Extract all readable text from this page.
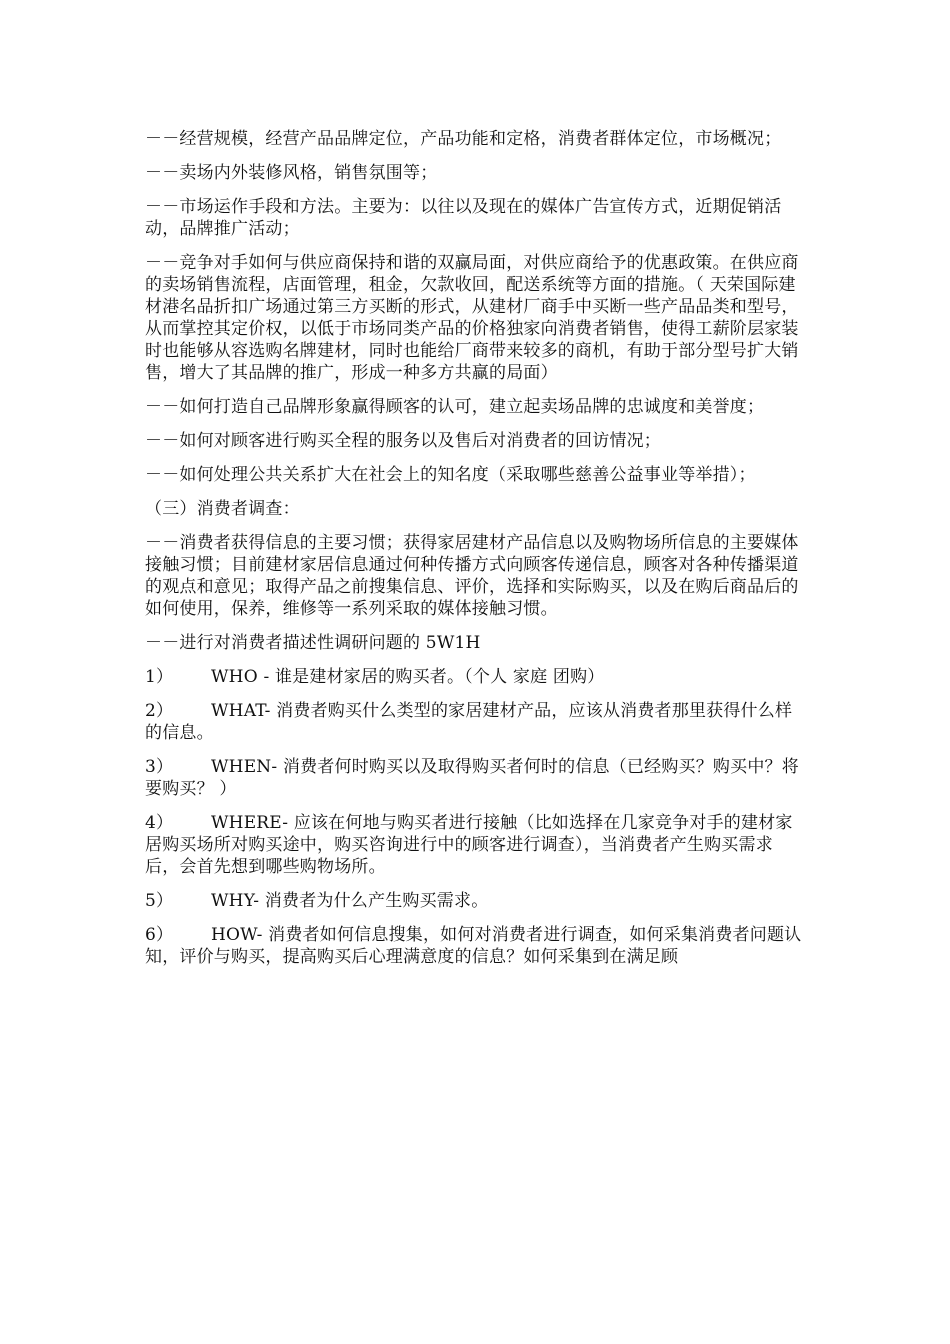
－－经营规模，经营产品品牌定位，产品功能和定格，消费者群体定位，市场概况；

－－卖场内外装修风格，销售氛围等；

－－市场运作手段和方法。主要为：以往以及现在的媒体广告宣传方式，近期促销活动，品牌推广活动；

－－竞争对手如何与供应商保持和谐的双赢局面，对供应商给予的优惠政策。在供应商的卖场销售流程，店面管理，租金，欠款收回，配送系统等方面的措施。（ 天荣国际建材港名品折扣广场通过第三方买断的形式，从建材厂商手中买断一些产品品类和型号，从而掌控其定价权，以低于市场同类产品的价格独家向消费者销售，使得工薪阶层家装时也能够从容选购名牌建材，同时也能给厂商带来较多的商机，有助于部分型号扩大销售，增大了其品牌的推广，形成一种多方共赢的局面）

－－如何打造自己品牌形象赢得顾客的认可，建立起卖场品牌的忠诚度和美誉度；

－－如何对顾客进行购买全程的服务以及售后对消费者的回访情况；

－－如何处理公共关系扩大在社会上的知名度（采取哪些慈善公益事业等举措）；

（三）消费者调查：

－－消费者获得信息的主要习惯；获得家居建材产品信息以及购物场所信息的主要媒体接触习惯；目前建材家居信息通过何种传播方式向顾客传递信息，顾客对各种传播渠道的观点和意见；取得产品之前搜集信息、评价，选择和实际购买，以及在购后商品后的如何使用，保养，维修等一系列采取的媒体接触习惯。

－－进行对消费者描述性调研问题的 5W1H

1） WHO - 谁是建材家居的购买者。（个人 家庭 团购）

2） WHAT- 消费者购买什么类型的家居建材产品，应该从消费者那里获得什么样的信息。

3） WHEN- 消费者何时购买以及取得购买者何时的信息（已经购买？购买中？将要购买？ ）

4） WHERE- 应该在何地与购买者进行接触（比如选择在几家竞争对手的建材家居购买场所对购买途中，购买咨询进行中的顾客进行调查），当消费者产生购买需求后，会首先想到哪些购物场所。

5） WHY- 消费者为什么产生购买需求。

6） HOW- 消费者如何信息搜集，如何对消费者进行调查，如何采集消费者问题认知，评价与购买，提高购买后心理满意度的信息？如何采集到在满足顾
